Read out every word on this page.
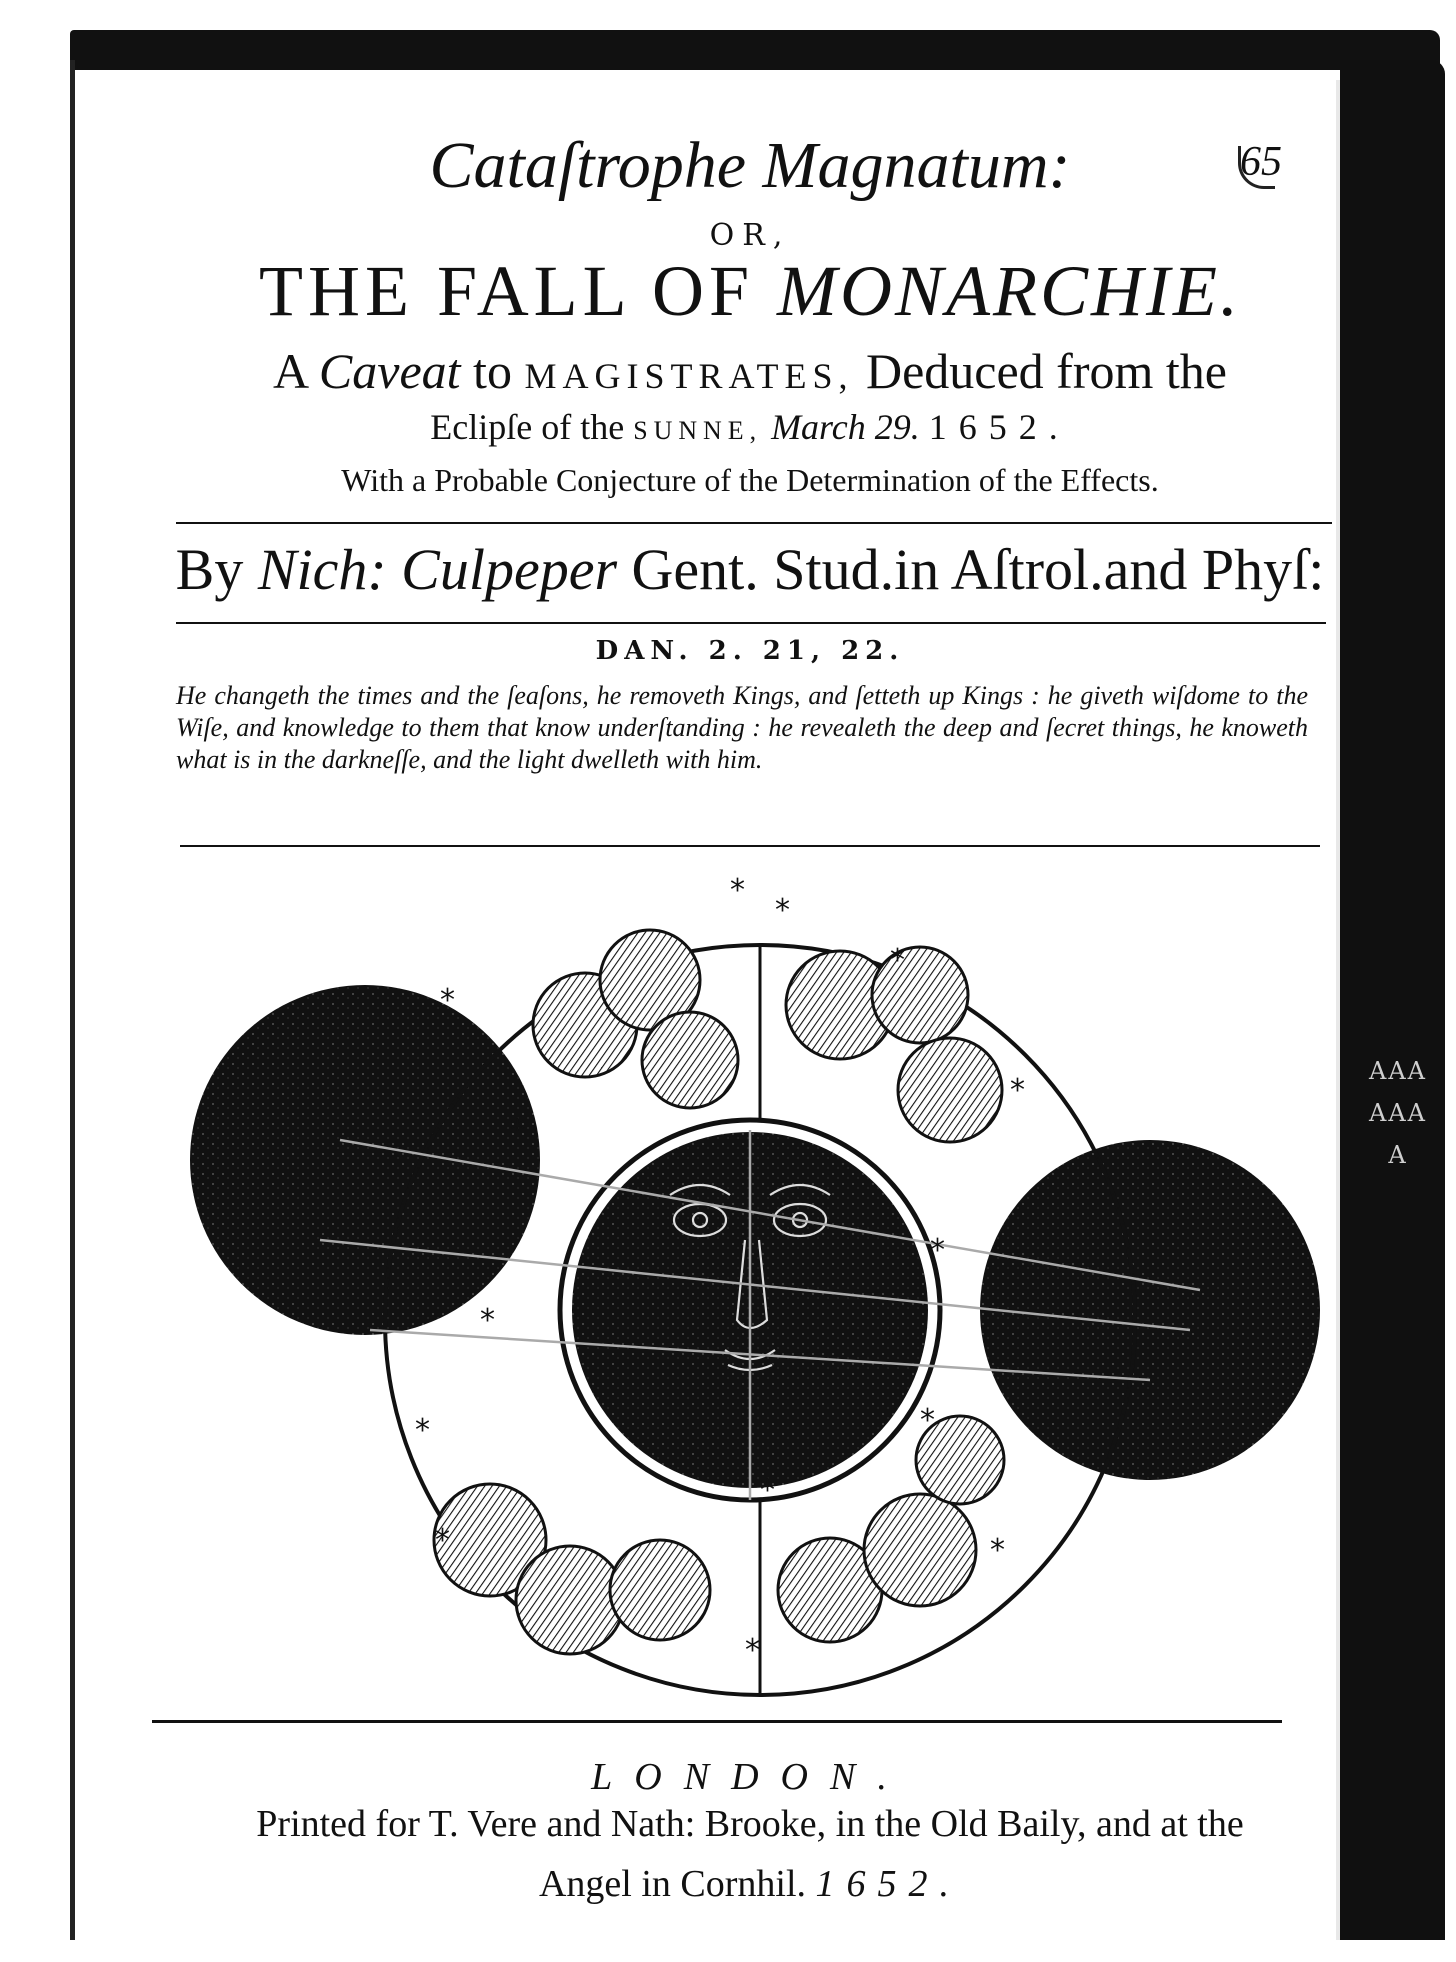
AAAAAAA
65
Cataſtrophe Magnatum:
OR,
THE FALL OF MONARCHIE.
A Caveat to MAGISTRATES, Deduced from the
Eclipſe of the SUNNE, March 29. 1652.
With a Probable Conjecture of the Determination of the Effects.
By Nich: Culpeper Gent. Stud.in Aſtrol.and Phyſ:
DAN. 2. 21, 22.
He changeth the times and the ſeaſons, he removeth Kings, and ſetteth up Kings : he giveth wiſdome to the Wiſe, and knowledge to them that know underſtanding : he revealeth the deep and ſecret things, he knoweth what is in the darkneſſe, and the light dwelleth with him.
*
*
*
*
*
*
*
*
*	*
*
*
*
*
LONDON.
Printed for T. Vere and Nath: Brooke, in the Old Baily, and at the
Angel in Cornhil. 1652.
